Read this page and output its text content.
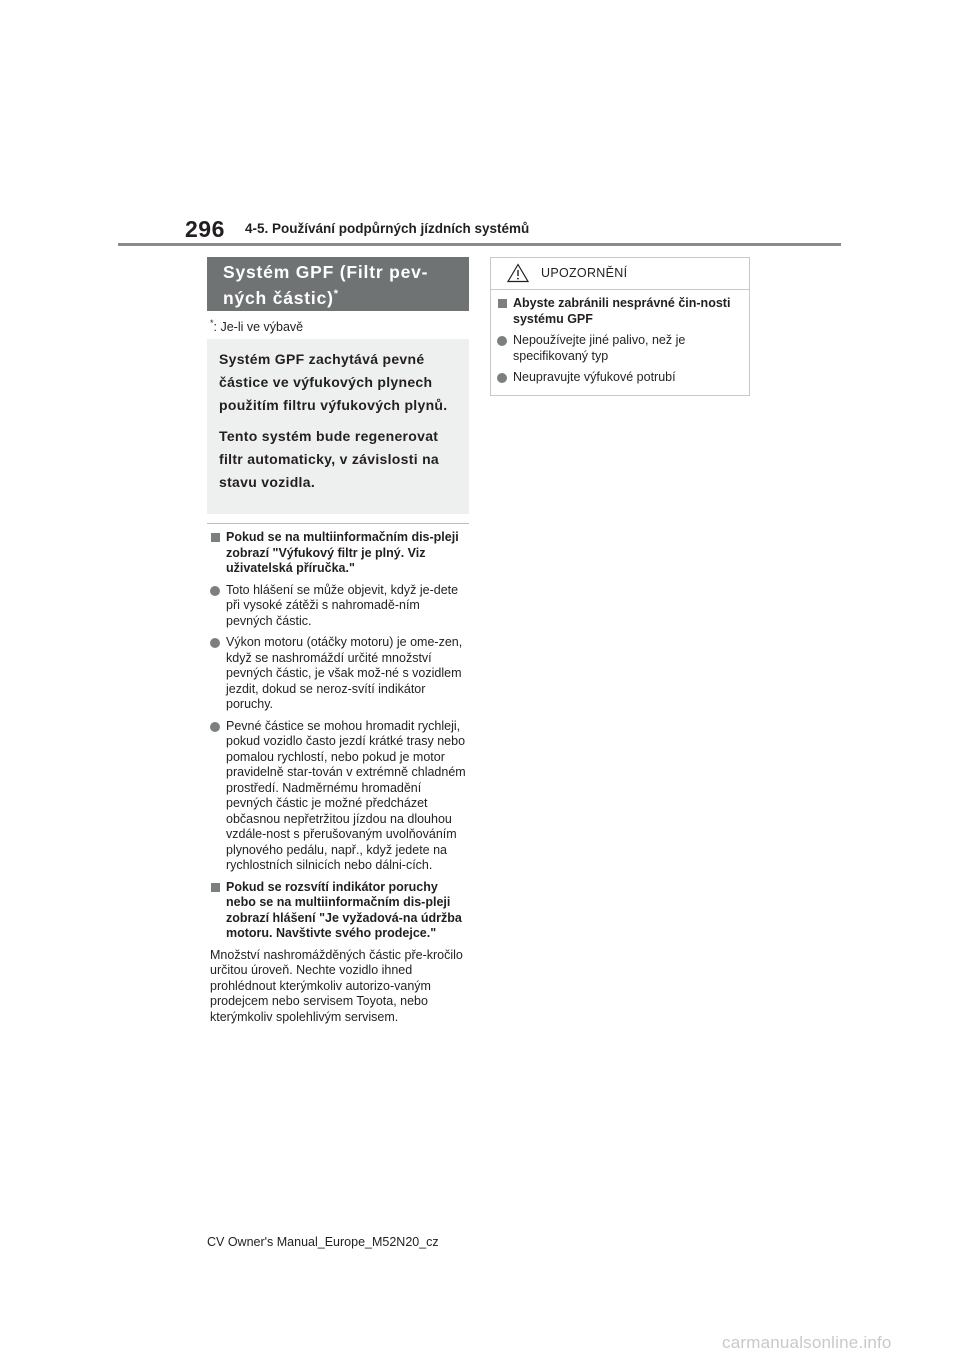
296 4-5. Používání podpůrných jízdních systémů
Systém GPF (Filtr pev-
ných částic)*
*: Je-li ve výbavě

Systém GPF zachytává pevné částice ve výfukových plynech použitím filtru výfukových plynů.

Tento systém bude regenerovat filtr automaticky, v závislosti na stavu vozidla.

Pokud se na multiinformačním dis-pleji zobrazí "Výfukový filtr je plný. Viz uživatelská příručka."
Toto hlášení se může objevit, když je-dete při vysoké zátěži s nahromadě-ním pevných částic.
Výkon motoru (otáčky motoru) je ome-zen, když se nashromáždí určité množství pevných částic, je však mož-né s vozidlem jezdit, dokud se neroz-svítí indikátor poruchy.
Pevné částice se mohou hromadit rychleji, pokud vozidlo často jezdí krátké trasy nebo pomalou rychlostí, nebo pokud je motor pravidelně star-tován v extrémně chladném prostředí. Nadměrnému hromadění pevných částic je možné předcházet občasnou nepřetržitou jízdou na dlouhou vzdále-nost s přerušovaným uvolňováním plynového pedálu, např., když jedete na rychlostních silnicích nebo dálni-cích.
Pokud se rozsvítí indikátor poruchy nebo se na multiinformačním dis-pleji zobrazí hlášení "Je vyžadová-na údržba motoru. Navštivte svého prodejce."

Množství nashromážděných částic pře-kročilo určitou úroveň. Nechte vozidlo ihned prohlédnout kterýmkoliv autorizo-vaným prodejcem nebo servisem Toyota, nebo kterýmkoliv spolehlivým servisem.

UPOZORNĚNÍ
Abyste zabránili nesprávné čin-nosti systému GPF
Nepoužívejte jiné palivo, než je specifikovaný typ
Neupravujte výfukové potrubí
CV Owner's Manual_Europe_M52N20_cz
carmanualsonline.info
